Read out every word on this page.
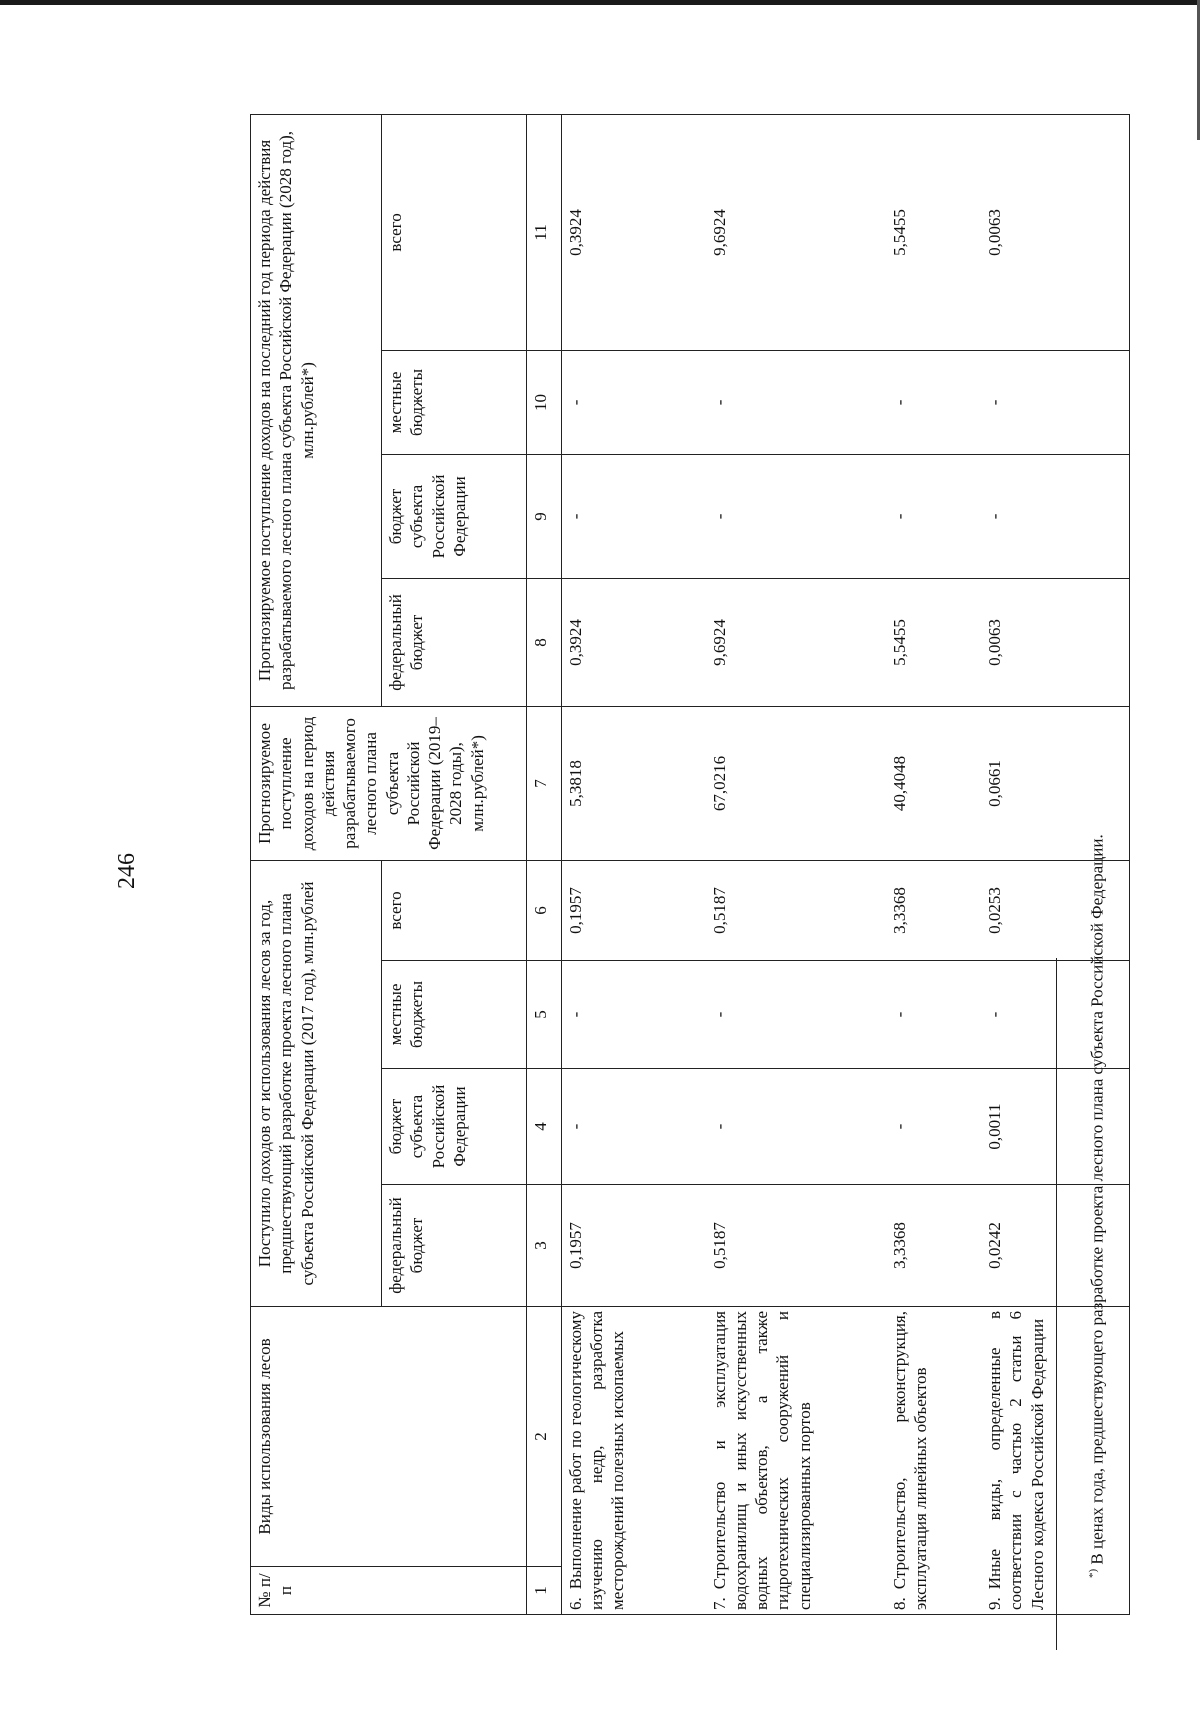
246
№ п/п	Виды использования лесов	Поступило доходов от использования лесов за год, предшествующий разработке проекта лесного плана субъекта Российской Федерации (2017 год), млн.рублей				Прогнозируемое поступление доходов на период действия разрабатываемого лесного плана субъекта Российской Федерации (2019–2028 годы), млн.рублей*)	Прогнозируемое поступление доходов на последний год периода действия разрабатываемого лесного плана субъекта Российской Федерации (2028 год), млн.рублей*)			
		федеральный бюджет	бюджет субъекта Российской Федерации	местные бюджеты	всего		федеральный бюджет	бюджет субъекта Российской Федерации	местные бюджеты	всего
1	2	3	4	5	6	7	8	9	10	11
6.Выполнение работ по геологическому изучению недр, разработка месторождений полезных ископаемых		0,1957	-	-	0,1957	5,3818	0,3924	-	-	0,3924
7.Строительство и эксплуатация водохранилищ и иных искусственных водных объектов, а также гидротехнических сооружений и специализированных портов		0,5187	-	-	0,5187	67,0216	9,6924	-	-	9,6924
8.Строительство, реконструкция, эксплуатация линейных объектов		3,3368	-	-	3,3368	40,4048	5,5455	-	-	5,5455
9.Иные виды, определенные в соответствии с частью 2 статьи 6 Лесного кодекса Российской Федерации		0,0242	0,0011	-	0,0253	0,0661	0,0063	-	-	0,0063
*) В ценах года, предшествующего разработке проекта лесного плана субъекта Российской Федерации.
